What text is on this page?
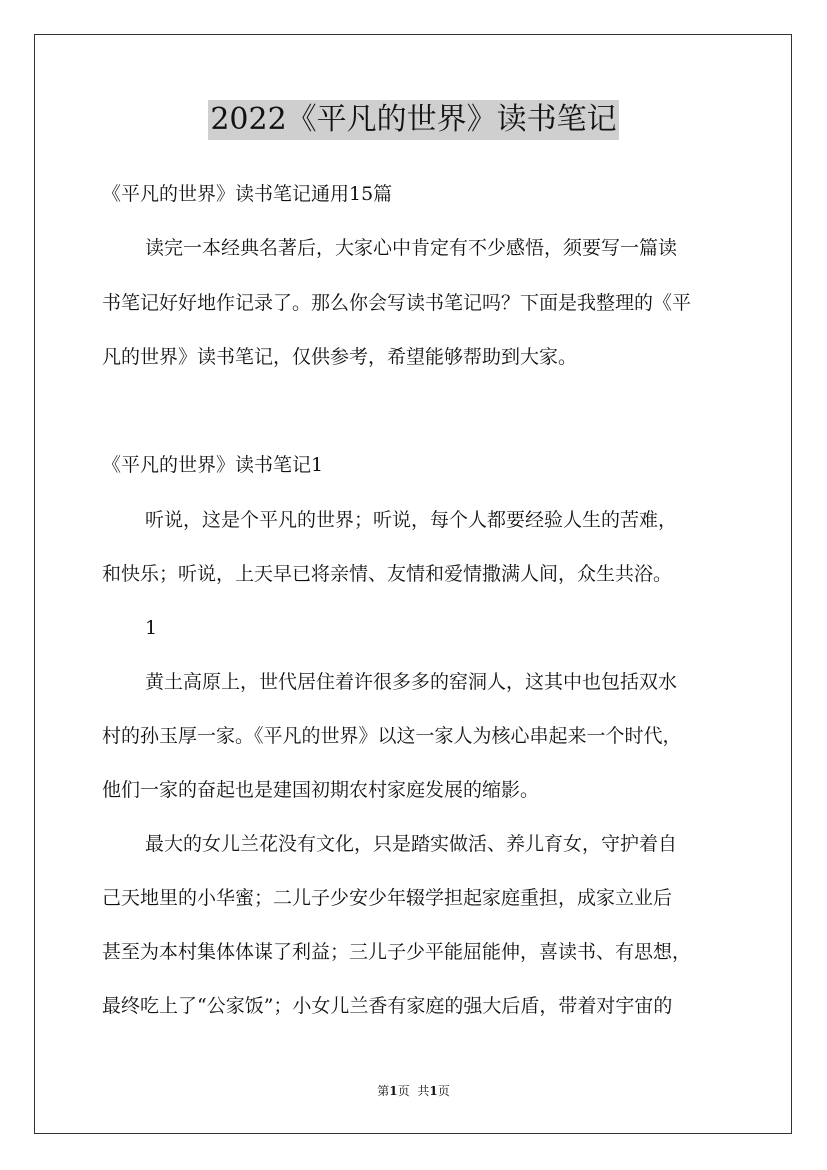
2022《平凡的世界》读书笔记
《平凡的世界》读书笔记通用15篇
读完一本经典名著后，大家心中肯定有不少感悟，须要写一篇读
书笔记好好地作记录了。那么你会写读书笔记吗？下面是我整理的《平
凡的世界》读书笔记，仅供参考，希望能够帮助到大家。
《平凡的世界》读书笔记1
听说，这是个平凡的世界；听说，每个人都要经验人生的苦难，
和快乐；听说，上天早已将亲情、友情和爱情撒满人间，众生共浴。
1
黄土高原上，世代居住着许很多多的窑洞人，这其中也包括双水
村的孙玉厚一家。《平凡的世界》以这一家人为核心串起来一个时代，
他们一家的奋起也是建国初期农村家庭发展的缩影。
最大的女儿兰花没有文化，只是踏实做活、养儿育女，守护着自
己天地里的小华蜜；二儿子少安少年辍学担起家庭重担，成家立业后
甚至为本村集体体谋了利益；三儿子少平能屈能伸，喜读书、有思想，
最终吃上了“公家饭”；小女儿兰香有家庭的强大后盾，带着对宇宙的
第1页 共1页
